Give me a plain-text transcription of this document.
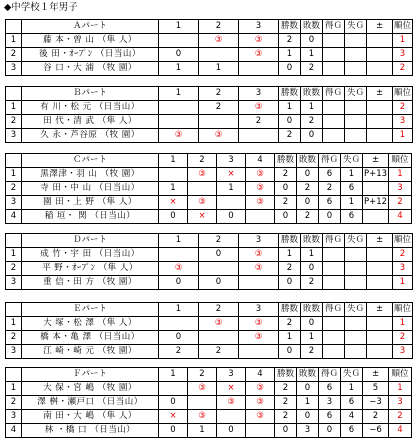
◆中学校１年男子
	Ａパート	1	2	3	勝数	敗数	得Ｇ	失Ｇ	±	順位
1	藤 本・曽 山 （隼 人）		③	③	2	0				1
2	後 田・ｵｰﾌﾟﾝ （日当山）	0		③	1	1				3
3	谷 口・大 浦 （牧 園）	1	1		0	2				2
	Ｂパート	1	2	3	勝数	敗数	得Ｇ	失Ｇ	±	順位
1	有 川・松 元 （日当山）		2	③	1	1				2
2	田 代・清 武 （隼 人）			2	0	2				3
3	久 永・芦谷原 （牧 園）	③	③		2	0				1
	Ｃパート	1	2	3	4	勝数	敗数	得Ｇ	失Ｇ	±	順位
1	黒澤津・羽 山 （牧 園）		③	×	③	2	0	6	1	P+13	1
2	寺 田・中 山 （日当山）	1		1	③	0	2	2	6		3
3	園 田・上 野 （隼 人）	×	③		③	2	0	6	1	P+12	2
4	稲 垣・ 関 （日当山）	0	×	0		0	2	0	6		4
	Ｄパート	1	2	3	勝数	敗数	得Ｇ	失Ｇ	±	順位
1	成 竹・宇 田 （日当山）		0	③	1	1				2
2	平 野・ｵｰﾌﾟﾝ （隼 人）	③		③	2	0				3
3	重 信・田 方 （牧 園）	0	0		0	2				1
	Ｅパート	1	2	3	勝数	敗数	得Ｇ	失Ｇ	±	順位
1	大 塚・松 澤 （隼 人）		③	③	2	0				1
2	橋 本・亀 澤 （日当山）	0		③	1	1				2
3	江 崎・崎 元 （牧 園）	2	2		0	2				3
	Ｆパート	1	2	3	4	勝数	敗数	得Ｇ	失Ｇ	±	順位
1	大 保・宮 嶋 （牧 園）		③	×	③	2	0	6	1	5	1
2	澤 桝・瀬戸口 （日当山）	0		③	③	2	1	3	6	−3	3
3	南 田・大 嶋 （隼 人）	×	③		③	2	0	6	4	2	2
4	林 ・橋 口 （日当山）	0	1	0		0	3	0	6	−6	4
